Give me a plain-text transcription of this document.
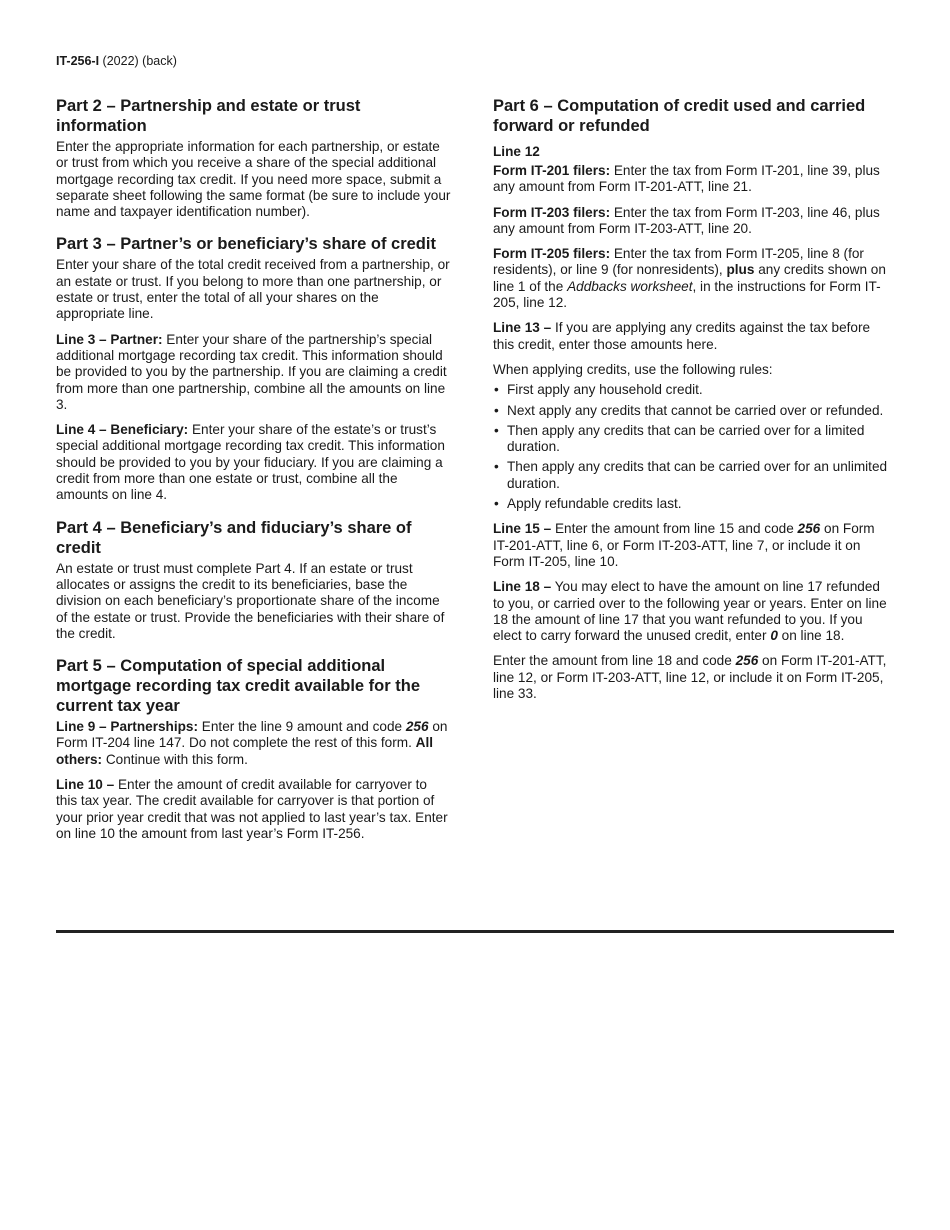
IT-256-I (2022) (back)
Part 2 – Partnership and estate or trust information

Enter the appropriate information for each partnership, or estate or trust from which you receive a share of the special additional mortgage recording tax credit. If you need more space, submit a separate sheet following the same format (be sure to include your name and taxpayer identification number).

Part 3 – Partner’s or beneficiary’s share of credit

Enter your share of the total credit received from a partnership, or an estate or trust. If you belong to more than one partnership, or estate or trust, enter the total of all your shares on the appropriate line.

Line 3 – Partner: Enter your share of the partnership’s special additional mortgage recording tax credit. This information should be provided to you by the partnership. If you are claiming a credit from more than one partnership, combine all the amounts on line 3.

Line 4 – Beneficiary: Enter your share of the estate’s or trust’s special additional mortgage recording tax credit. This information should be provided to you by your fiduciary. If you are claiming a credit from more than one estate or trust, combine all the amounts on line 4.

Part 4 – Beneficiary’s and fiduciary’s share of credit

An estate or trust must complete Part 4. If an estate or trust allocates or assigns the credit to its beneficiaries, base the division on each beneficiary’s proportionate share of the income of the estate or trust. Provide the beneficiaries with their share of the credit.

Part 5 – Computation of special additional mortgage recording tax credit available for the current tax year

Line 9 – Partnerships: Enter the line 9 amount and code 256 on Form IT-204 line 147. Do not complete the rest of this form. All others: Continue with this form.

Line 10 – Enter the amount of credit available for carryover to this tax year. The credit available for carryover is that portion of your prior year credit that was not applied to last year’s tax. Enter on line 10 the amount from last year’s Form IT-256.

Part 6 – Computation of credit used and carried forward or refunded
Line 12

Form IT-201 filers: Enter the tax from Form IT-201, line 39, plus any amount from Form IT-201-ATT, line 21.

Form IT-203 filers: Enter the tax from Form IT-203, line 46, plus any amount from Form IT-203-ATT, line 20.

Form IT-205 filers: Enter the tax from Form IT-205, line 8 (for residents), or line 9 (for nonresidents), plus any credits shown on line 1 of the Addbacks worksheet, in the instructions for Form IT-205, line 12.

Line 13 – If you are applying any credits against the tax before this credit, enter those amounts here.

When applying credits, use the following rules:

• First apply any household credit.
• Next apply any credits that cannot be carried over or refunded.
• Then apply any credits that can be carried over for a limited duration.
• Then apply any credits that can be carried over for an unlimited duration.
• Apply refundable credits last.

Line 15 – Enter the amount from line 15 and code 256 on Form IT-201-ATT, line 6, or Form IT-203-ATT, line 7, or include it on Form IT-205, line 10.

Line 18 – You may elect to have the amount on line 17 refunded to you, or carried over to the following year or years. Enter on line 18 the amount of line 17 that you want refunded to you. If you elect to carry forward the unused credit, enter 0 on line 18.

Enter the amount from line 18 and code 256 on Form IT-201-ATT, line 12, or Form IT-203-ATT, line 12, or include it on Form IT-205, line 33.
